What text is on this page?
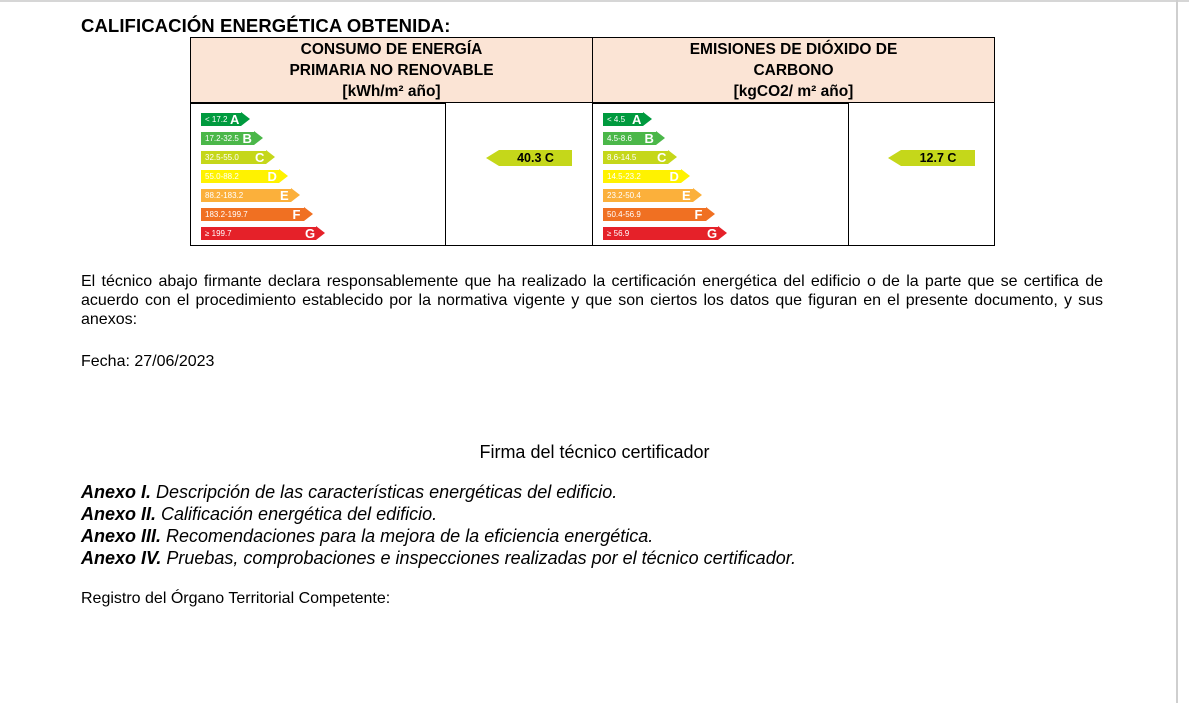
CALIFICACIÓN ENERGÉTICA OBTENIDA:
CONSUMO DE ENERGÍA
PRIMARIA NO RENOVABLE
[kWh/m² año]
EMISIONES DE DIÓXIDO DE
CARBONO
[kgCO2/ m² año]
< 17.2 A
17.2-32.5 B
32.5-55.0 C
55.0-88.2 D
88.2-183.2	E
183.2-199.7	F
≥ 199.7	G
40.3 C
< 4.5 A
4.5-8.6 B
8.6-14.5 C
14.5-23.2 D
23.2-50.4	E
50.4-56.9	F
≥ 56.9	G
12.7 C

El técnico abajo firmante declara responsablemente que ha realizado la certificación energética del edificio o de la parte que se certifica de acuerdo con el procedimiento establecido por la normativa vigente y que son ciertos los datos que figuran en el presente documento, y sus anexos:

Fecha: 27/06/2023
Firma del técnico certificador
Anexo I. Descripción de las características energéticas del edificio.
Anexo II. Calificación energética del edificio.
Anexo III. Recomendaciones para la mejora de la eficiencia energética.
Anexo IV. Pruebas, comprobaciones e inspecciones realizadas por el técnico certificador.
Registro del Órgano Territorial Competente:
